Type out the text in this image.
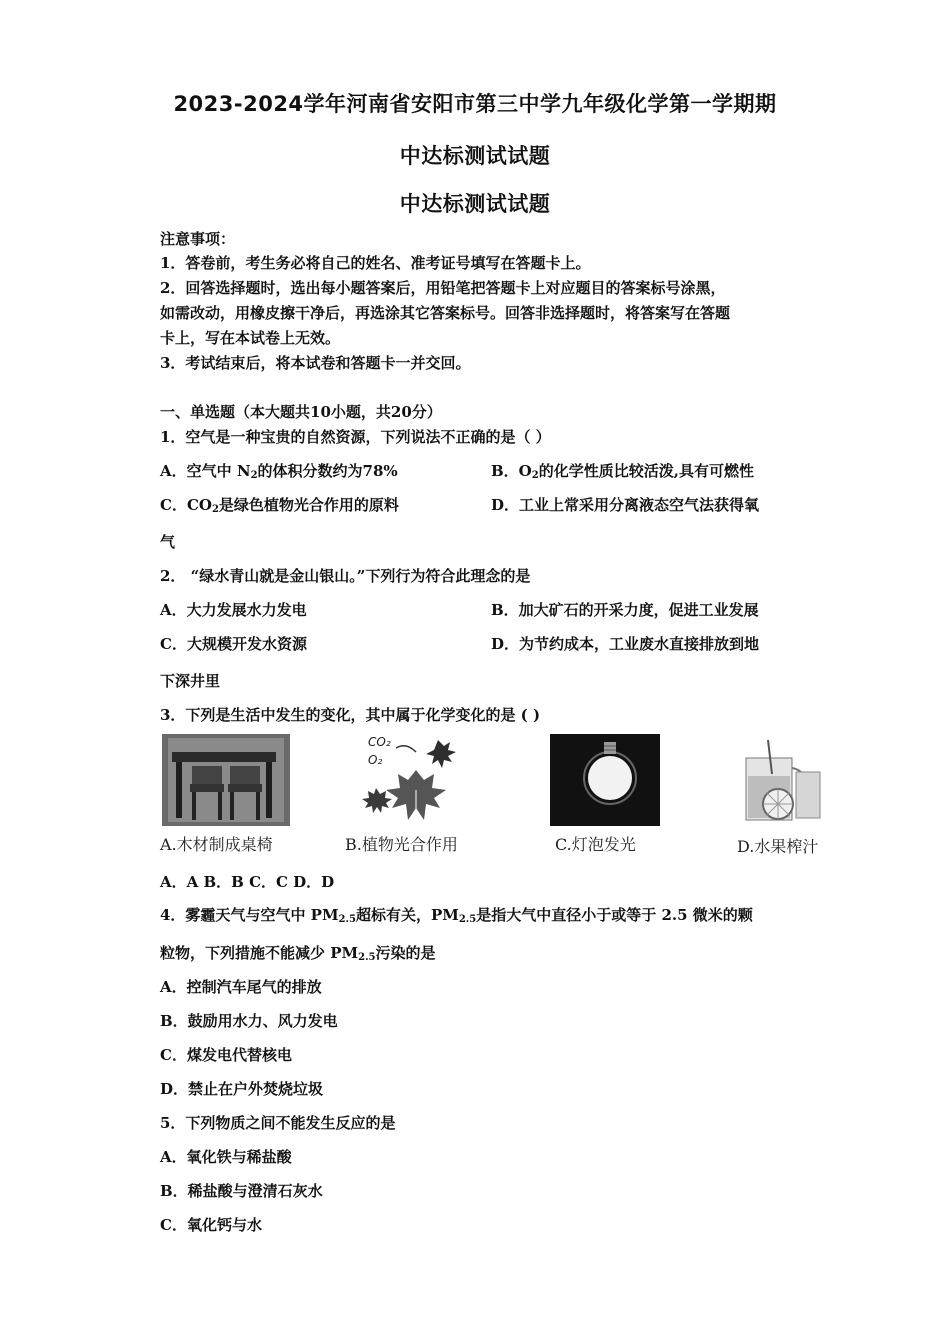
2023-2024学年河南省安阳市第三中学九年级化学第一学期期
中达标测试试题
中达标测试试题
注意事项：
1．答卷前，考生务必将自己的姓名、准考证号填写在答题卡上。
2．回答选择题时，选出每小题答案后，用铅笔把答题卡上对应题目的答案标号涂黑，
如需改动，用橡皮擦干净后，再选涂其它答案标号。回答非选择题时，将答案写在答题
卡上，写在本试卷上无效。
3．考试结束后，将本试卷和答题卡一并交回。
一、单选题（本大题共10小题，共20分）
1．空气是一种宝贵的自然资源，下列说法不正确的是（ ）
A．空气中 $N_2$的体积分数约为78%	B．$O_2$的化学性质比较活泼,具有可燃性
C．$CO_2$是绿色植物光合作用的原料	D．工业上常采用分离液态空气法获得氧
气
2． “绿水青山就是金山银山。”下列行为符合此理念的是
A．大力发展水力发电	B．加大矿石的开采力度，促进工业发展
C．大规模开发水资源	D．为节约成本，工业废水直接排放到地
下深井里
3．下列是生活中发生的变化，其中属于化学变化的是 ( )
A.木材制成桌椅
CO₂
O₂
B.植物光合作用	C.灯泡发光	D.水果榨汁
A．A B．B C．C D．D
4．雾霾天气与空气中 $PM_{2.5}$超标有关，$PM_{2.5}$是指大气中直径小于或等于 2.5 微米的颗
粒物，下列措施不能减少 $PM_{2.5}$污染的是
A．控制汽车尾气的排放
B．鼓励用水力、风力发电
C．煤发电代替核电
D．禁止在户外焚烧垃圾
5．下列物质之间不能发生反应的是
A．氧化铁与稀盐酸
B．稀盐酸与澄清石灰水
C．氧化钙与水
